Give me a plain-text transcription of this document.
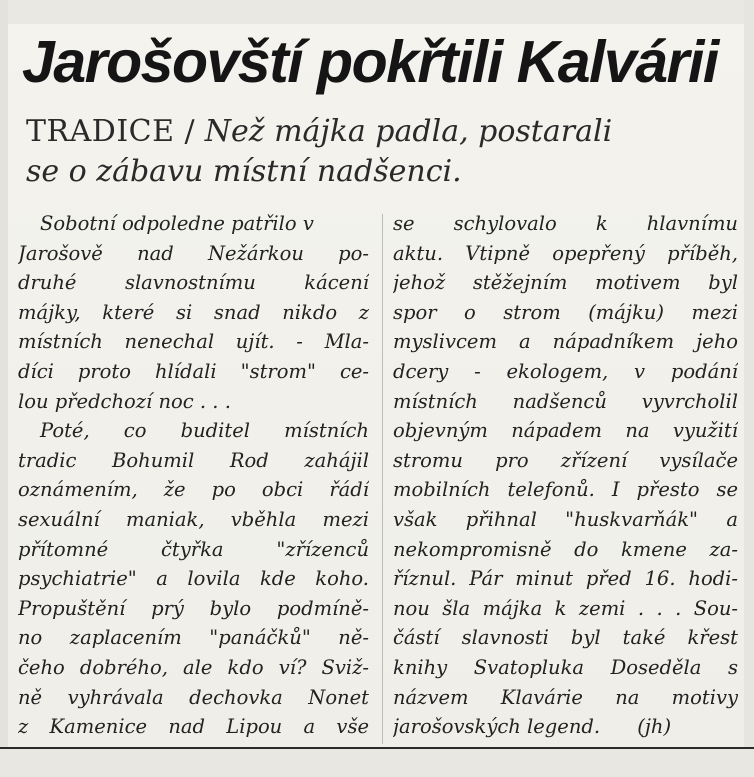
Jarošovští pokřtili Kalvárii
TRADICE / Než májka padla, postarali
se o zábavu místní nadšenci.
Sobotní odpoledne patřilo v
Jarošově nad Nežárkou po-
druhé slavnostnímu kácení
májky, které si snad nikdo z
místních nenechal ujít. - Mla-
díci proto hlídali "strom" ce-
lou předchozí noc . . .
Poté, co buditel místních
tradic Bohumil Rod zahájil
oznámením, že po obci řádí
sexuální maniak, vběhla mezi
přítomné čtyřka "zřízenců
psychiatrie" a lovila kde koho.
Propuštění prý bylo podmíně-
no zaplacením "panáčků" ně-
čeho dobrého, ale kdo ví? Sviž-
ně vyhrávala dechovka Nonet
z Kamenice nad Lipou a vše
se schylovalo k hlavnímu
aktu. Vtipně opepřený příběh,
jehož stěžejním motivem byl
spor o strom (májku) mezi
myslivcem a nápadníkem jeho
dcery - ekologem, v podání
místních nadšenců vyvrcholil
objevným nápadem na využití
stromu pro zřízení vysílače
mobilních telefonů. I přesto se
však přihnal "huskvarňák" a
nekompromisně do kmene za-
říznul. Pár minut před 16. hodi-
nou šla májka k zemi . . . Sou-
částí slavnosti byl také křest
knihy Svatopluka Doseděla s
názvem Klavárie na motivy
jarošovských legend.      (jh)
